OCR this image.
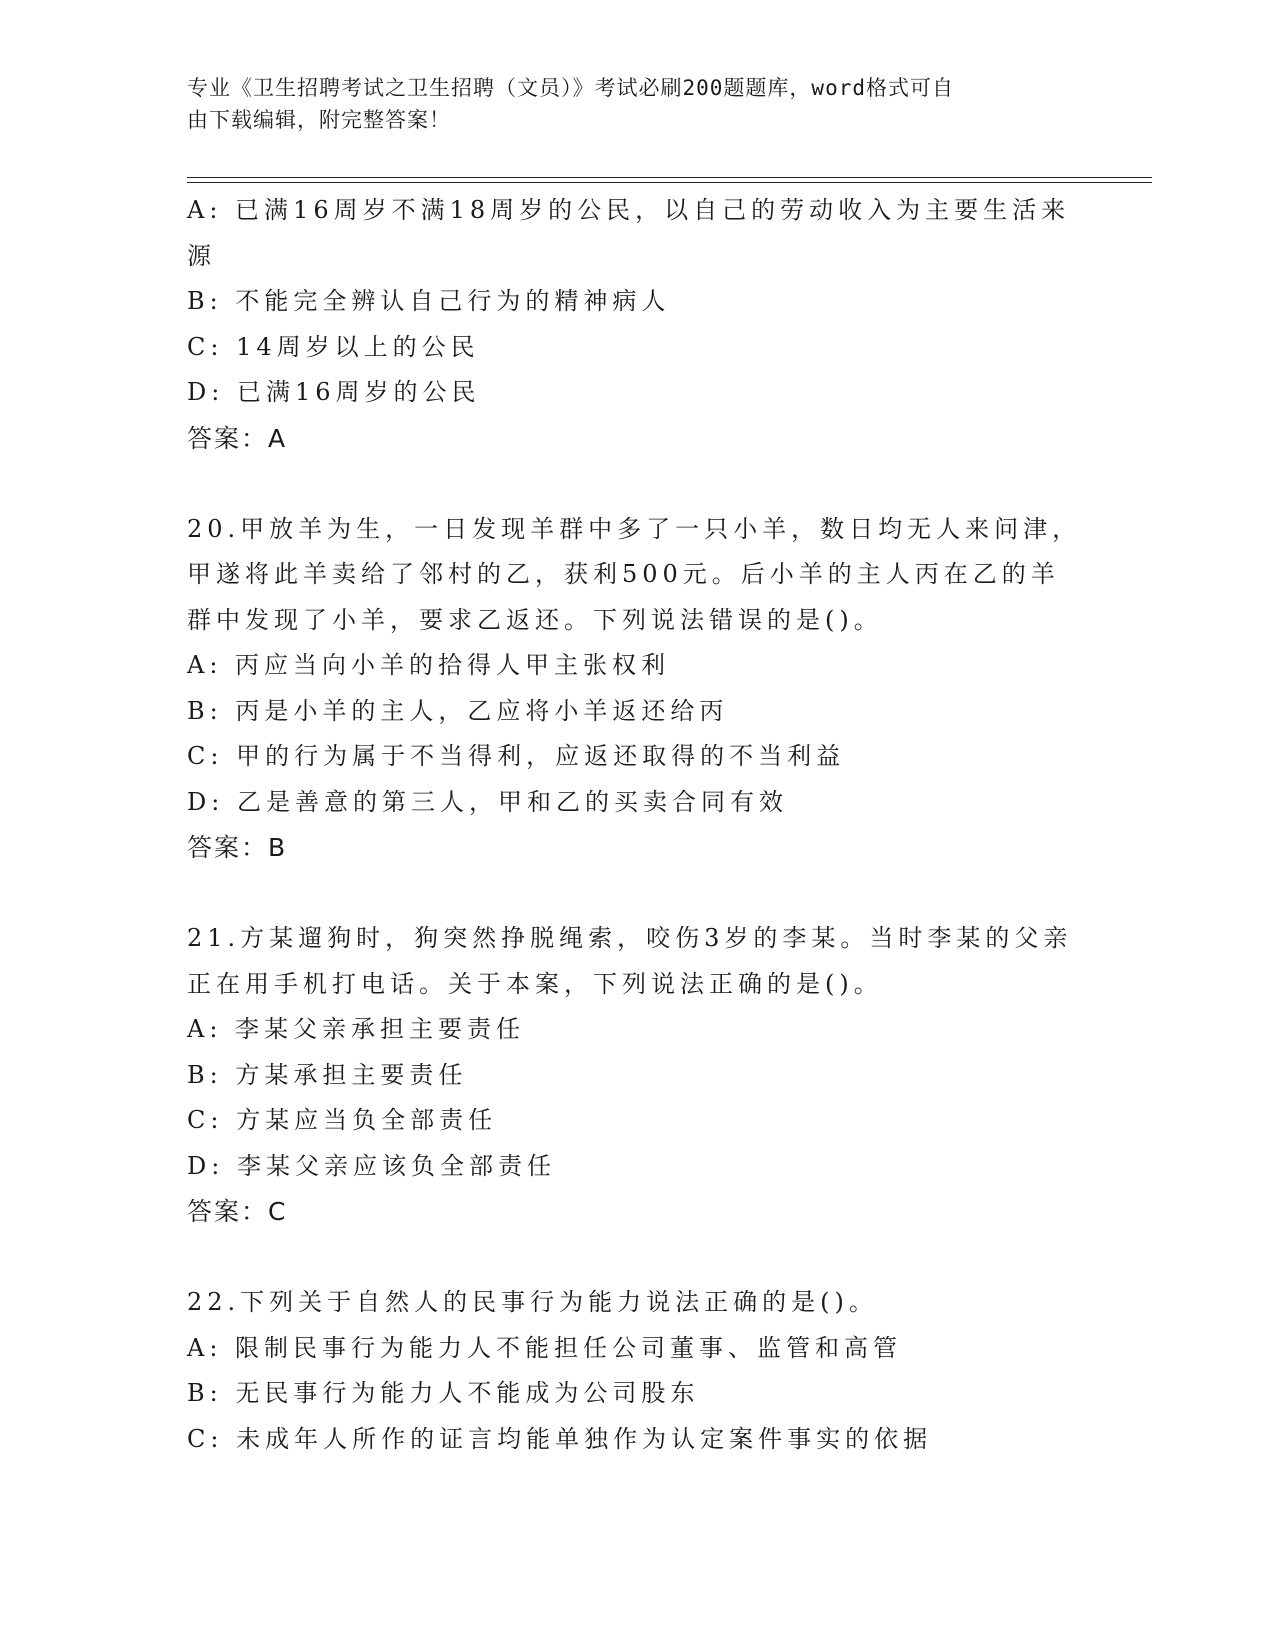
专业《卫生招聘考试之卫生招聘（文员）》考试必刷200题题库，word格式可自
由下载编辑，附完整答案！
A: 已满16周岁不满18周岁的公民，以自己的劳动收入为主要生活来
源
B: 不能完全辨认自己行为的精神病人
C: 14周岁以上的公民
D: 已满16周岁的公民
答案：A
20.甲放羊为生，一日发现羊群中多了一只小羊，数日均无人来问津，
甲遂将此羊卖给了邻村的乙，获利500元。后小羊的主人丙在乙的羊
群中发现了小羊，要求乙返还。下列说法错误的是()。
A: 丙应当向小羊的拾得人甲主张权利
B: 丙是小羊的主人，乙应将小羊返还给丙
C: 甲的行为属于不当得利，应返还取得的不当利益
D: 乙是善意的第三人，甲和乙的买卖合同有效
答案：B
21.方某遛狗时，狗突然挣脱绳索，咬伤3岁的李某。当时李某的父亲
正在用手机打电话。关于本案，下列说法正确的是()。
A: 李某父亲承担主要责任
B: 方某承担主要责任
C: 方某应当负全部责任
D: 李某父亲应该负全部责任
答案：C
22.下列关于自然人的民事行为能力说法正确的是()。
A: 限制民事行为能力人不能担任公司董事、监管和高管
B: 无民事行为能力人不能成为公司股东
C: 未成年人所作的证言均能单独作为认定案件事实的依据
